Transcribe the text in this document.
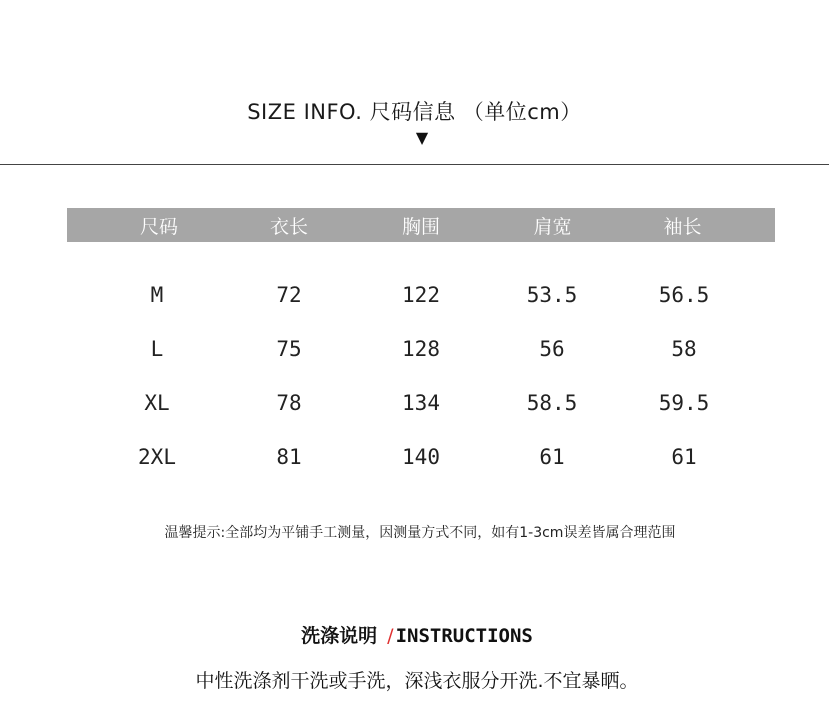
SIZE INFO. 尺码信息 （单位cm）
▼
尺码	衣长	胸围	肩宽	袖长
M	72	122	53.5	56.5
L	75	128	56	58
XL	78	134	58.5	59.5
2XL	81	140	61	61
温馨提示:全部均为平铺手工测量，因测量方式不同，如有1-3cm误差皆属合理范围
洗涤说明 / INSTRUCTIONS
中性洗涤剂干洗或手洗，深浅衣服分开洗.不宜暴晒。
